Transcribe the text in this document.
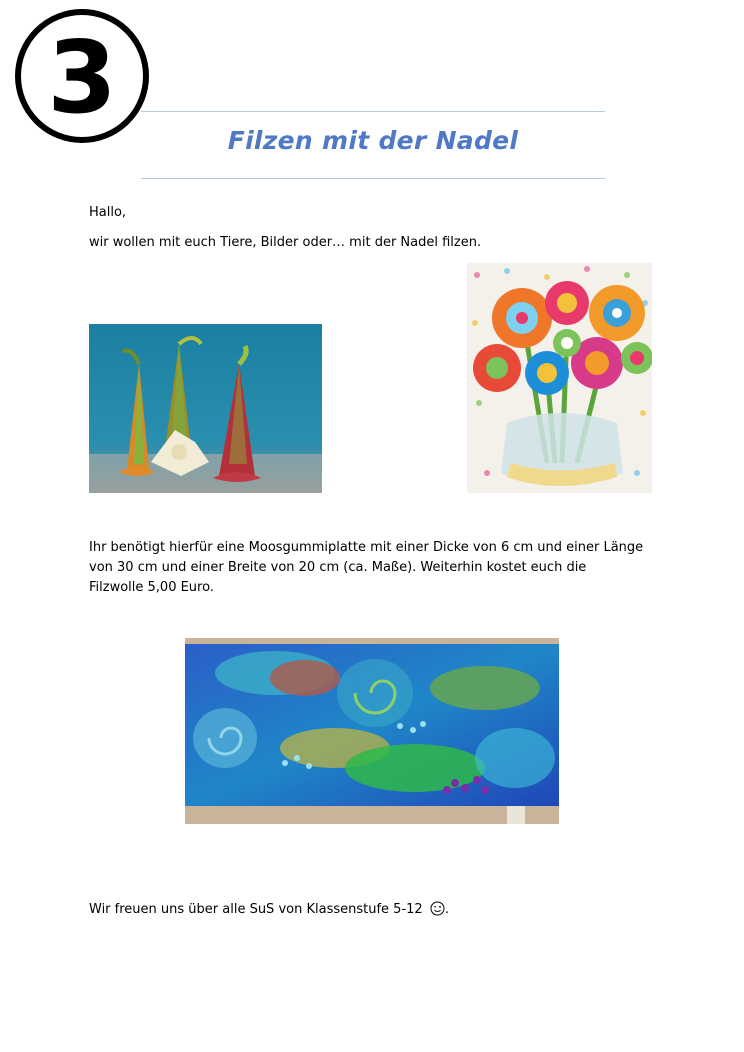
3
Filzen mit der Nadel
Hallo,
wir wollen mit euch Tiere, Bilder oder… mit der Nadel filzen.
Ihr benötigt hierfür eine Moosgummiplatte mit einer Dicke von 6 cm und einer Länge von 30 cm und einer Breite von 20 cm (ca. Maße). Weiterhin kostet euch die Filzwolle 5,00 Euro.
Wir freuen uns über alle SuS von Klassenstufe 5-12 .
